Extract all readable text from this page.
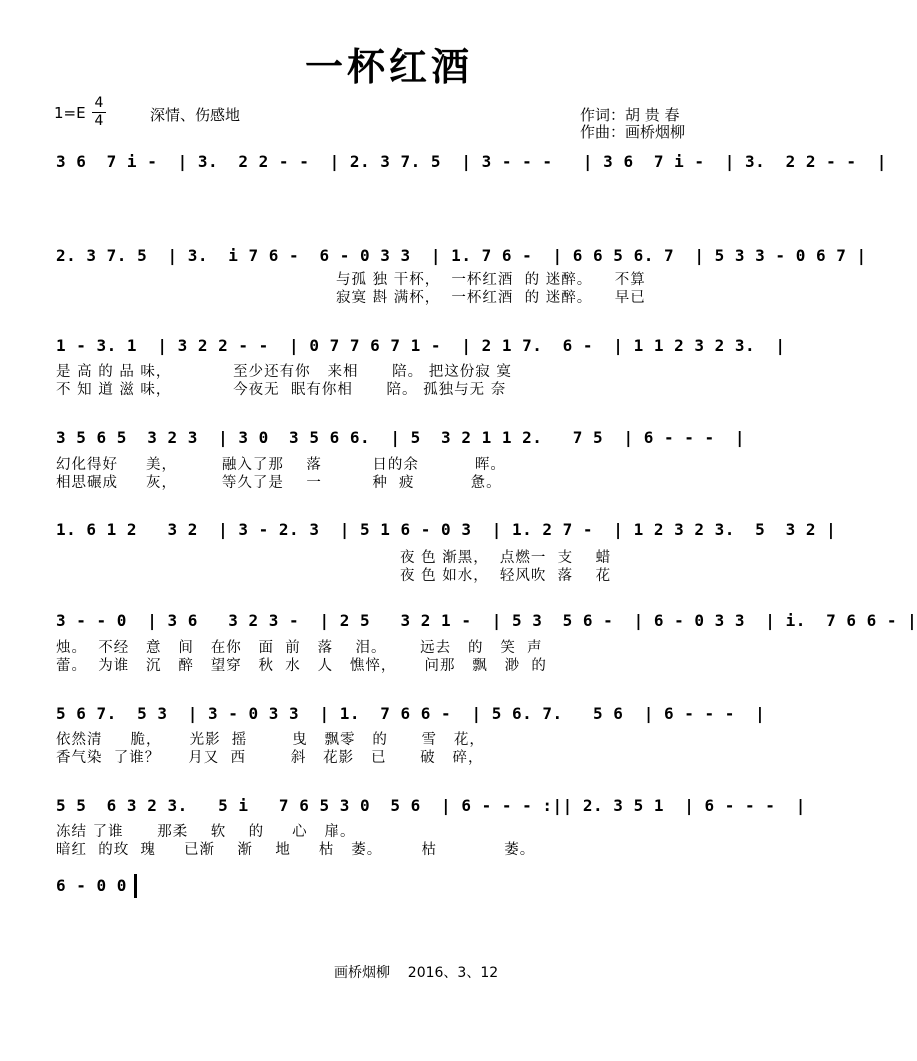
一杯红酒
1=E
4
4	深情、伤感地	作词：胡 贵 春
作曲：画桥烟柳
3 6  7 i -  | 3.  2 2 - -  | 2. 3 7. 5  | 3 - - -   | 3 6  7 i -  | 3.  2 2 - -  |
2. 3 7. 5  | 3.  i 7 6 -  6 - 0 3 3  | 1. 7 6 -  | 6 6 5 6. 7  | 5 3 3 - 0 6 7 |
与孤 独 干杯，  一杯红酒  的 迷醉。    不算
寂寞 斟 满杯，  一杯红酒  的 迷醉。    早已
1 - 3. 1  | 3 2 2 - -  | 0 7 7 6 7 1 -  | 2 1 7.  6 -  | 1 1 2 3 2 3.  |
是 高 的 品 味，           至少还有你   来相      陪。 把这份寂 寞
不 知 道 滋 味，           今夜无  眠有你相      陪。 孤独与无 奈
3 5 6 5  3 2 3  | 3 0  3 5 6 6.  | 5  3 2 1 1 2.   7 5  | 6 - - -  |
幻化得好     美，        融入了那    落         日的余          晖。
相思碾成     灰，        等久了是    一         种  疲          惫。
1. 6 1 2   3 2  | 3 - 2. 3  | 5 1 6 - 0 3  | 1. 2 7 -  | 1 2 3 2 3.  5  3 2 |
夜 色 渐黑，  点燃一  支    蜡
夜 色 如水，  轻风吹  落    花
3 - - 0  | 3 6   3 2 3 -  | 2 5   3 2 1 -  | 5 3  5 6 -  | 6 - 0 3 3  | i.  7 6 6 - |
烛。  不经   意   间   在你   面  前   落    泪。      远去   的   笑  声
蕾。  为谁   沉   醉   望穿   秋  水   人   憔悴，     问那   飘   渺  的
5 6 7.  5 3  | 3 - 0 3 3  | 1.  7 6 6 -  | 5 6. 7.   5 6  | 6 - - -  |
依然清     脆，     光影  摇        曳   飘零   的      雪   花，
香气染  了谁？     月又  西        斜   花影   已      破   碎，
5 5  6 3 2 3.   5 i   7 6 5 3 0  5 6  | 6 - - - :|| 2. 3 5 1  | 6 - - -  |
冻结 了谁      那柔    软    的     心   扉。
暗红  的玫  瑰     已渐    渐    地     枯   萎。       枯            萎。
6 - 0 0
画桥烟柳    2016、3、12
